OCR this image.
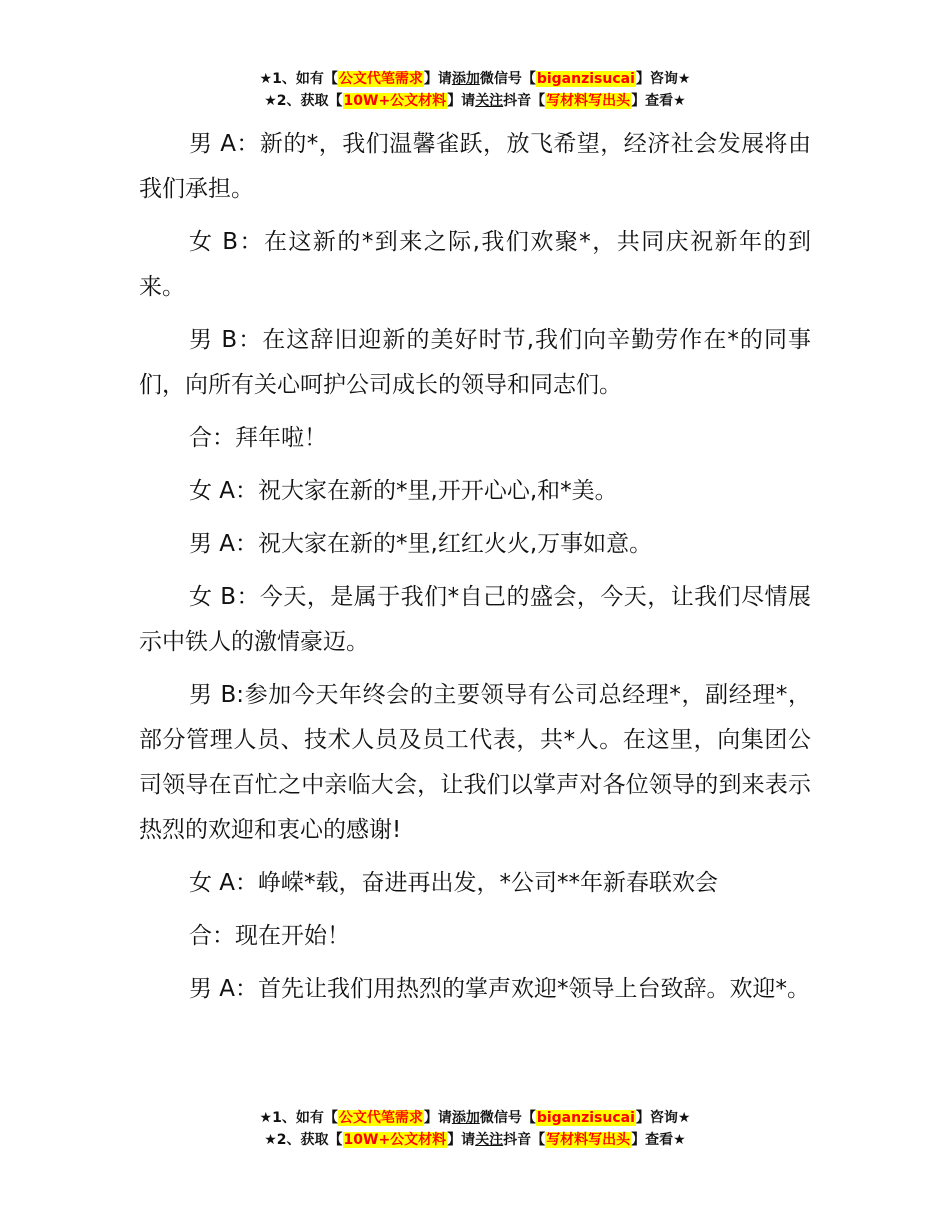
★1、如有【公文代笔需求】请添加微信号【biganzisucai】咨询★
★2、获取【10W+公文材料】请关注抖音【写材料写出头】查看★

男 A：新的*，我们温馨雀跃，放飞希望，经济社会发展将由我们承担。

女 B：在这新的*到来之际,我们欢聚*，共同庆祝新年的到来。

男 B：在这辞旧迎新的美好时节,我们向辛勤劳作在*的同事们，向所有关心呵护公司成长的领导和同志们。

合：拜年啦！

女 A：祝大家在新的*里,开开心心,和*美。

男 A：祝大家在新的*里,红红火火,万事如意。

女 B：今天，是属于我们*自己的盛会，今天，让我们尽情展示中铁人的激情豪迈。

男 B:参加今天年终会的主要领导有公司总经理*，副经理*，部分管理人员、技术人员及员工代表，共*人。在这里，向集团公司领导在百忙之中亲临大会，让我们以掌声对各位领导的到来表示热烈的欢迎和衷心的感谢!

女 A：峥嵘*载，奋进再出发，*公司**年新春联欢会

合：现在开始！

男 A：首先让我们用热烈的掌声欢迎*领导上台致辞。欢迎*。

★1、如有【公文代笔需求】请添加微信号【biganzisucai】咨询★
★2、获取【10W+公文材料】请关注抖音【写材料写出头】查看★
